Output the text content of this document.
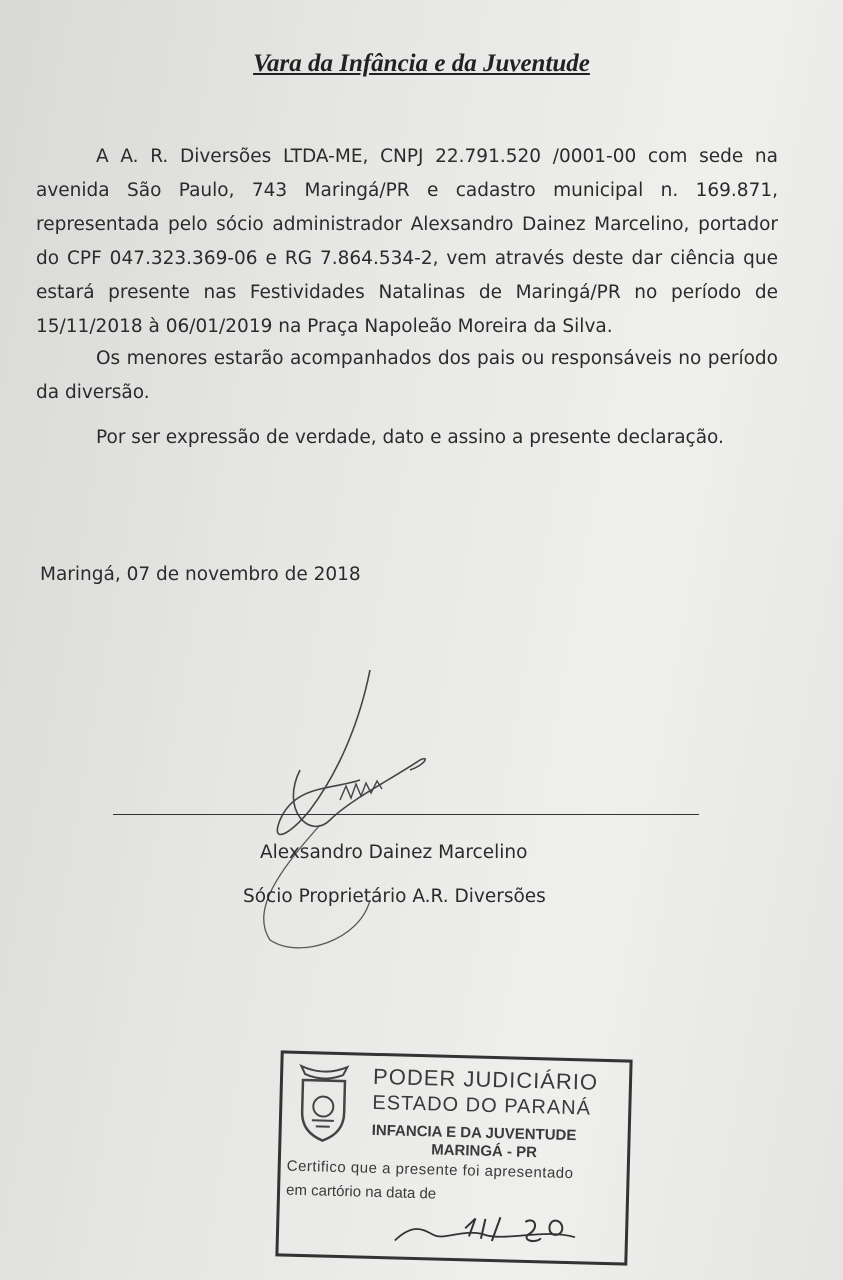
Vara da Infância e da Juventude

A A. R. Diversões LTDA-ME, CNPJ 22.791.520 /0001-00 com sede na avenida São Paulo, 743 Maringá/PR e cadastro municipal n. 169.871, representada pelo sócio administrador Alexsandro Dainez Marcelino, portador do CPF 047.323.369-06 e RG 7.864.534-2, vem através deste dar ciência que estará presente nas Festividades Natalinas de Maringá/PR no período de 15/11/2018 à 06/01/2019 na Praça Napoleão Moreira da Silva.

Os menores estarão acompanhados dos pais ou responsáveis no período da diversão.

Por ser expressão de verdade, dato e assino a presente declaração.

Maringá, 07 de novembro de 2018
Alexsandro Dainez Marcelino
Sócio Proprietário A.R. Diversões
PODER JUDICIÁRIO
ESTADO DO PARANÁ
INFANCIA E DA JUVENTUDE
MARINGÁ - PR
Certifico que a presente foi apresentado
em cartório na data de
